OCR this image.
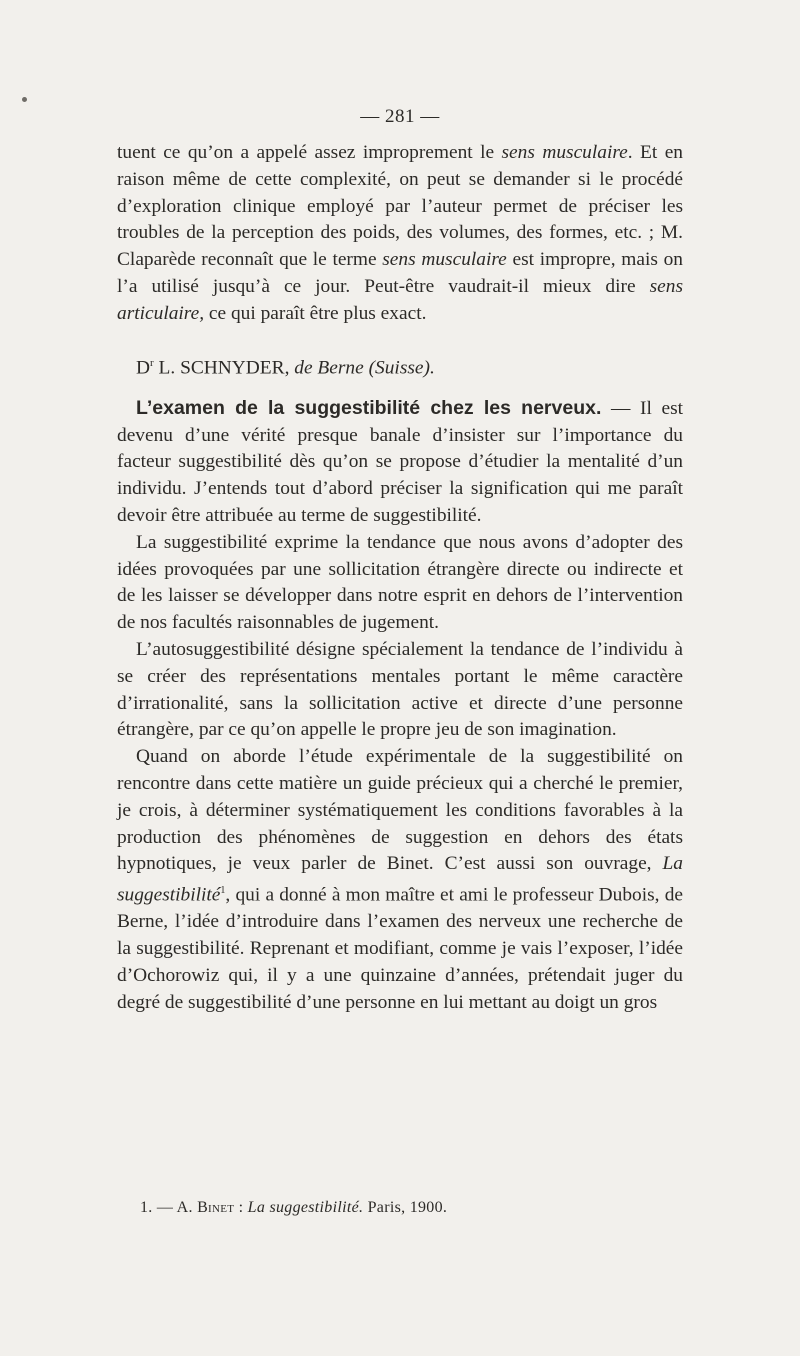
— 281 —

tuent ce qu’on a appelé assez improprement le sens musculaire. Et en raison même de cette complexité, on peut se demander si le procédé d’exploration clinique employé par l’auteur permet de préciser les troubles de la perception des poids, des volumes, des formes, etc. ; M. Claparède reconnaît que le terme sens musculaire est impropre, mais on l’a utilisé jusqu’à ce jour. Peut-être vaudrait-il mieux dire sens articulaire, ce qui paraît être plus exact.

$D^r$ L. SCHNYDER, de Berne (Suisse).

L’examen de la suggestibilité chez les nerveux. — Il est devenu d’une vérité presque banale d’insister sur l’importance du facteur suggestibilité dès qu’on se propose d’étudier la mentalité d’un individu. J’entends tout d’abord préciser la signification qui me paraît devoir être attribuée au terme de suggestibilité.

La suggestibilité exprime la tendance que nous avons d’adopter des idées provoquées par une sollicitation étrangère directe ou indirecte et de les laisser se développer dans notre esprit en dehors de l’intervention de nos facultés raisonnables de jugement.

L’autosuggestibilité désigne spécialement la tendance de l’individu à se créer des représentations mentales portant le même caractère d’irrationalité, sans la sollicitation active et directe d’une personne étrangère, par ce qu’on appelle le propre jeu de son imagination.

Quand on aborde l’étude expérimentale de la suggestibilité on rencontre dans cette matière un guide précieux qui a cherché le premier, je crois, à déterminer systématiquement les conditions favorables à la production des phénomènes de suggestion en dehors des états hypnotiques, je veux parler de Binet. C’est aussi son ouvrage, La suggestibilité$^1$, qui a donné à mon maître et ami le professeur Dubois, de Berne, l’idée d’introduire dans l’examen des nerveux une recherche de la suggestibilité. Reprenant et modifiant, comme je vais l’exposer, l’idée d’Ochorowiz qui, il y a une quinzaine d’années, prétendait juger du degré de suggestibilité d’une personne en lui mettant au doigt un gros

1. — A. Binet : La suggestibilité. Paris, 1900.
